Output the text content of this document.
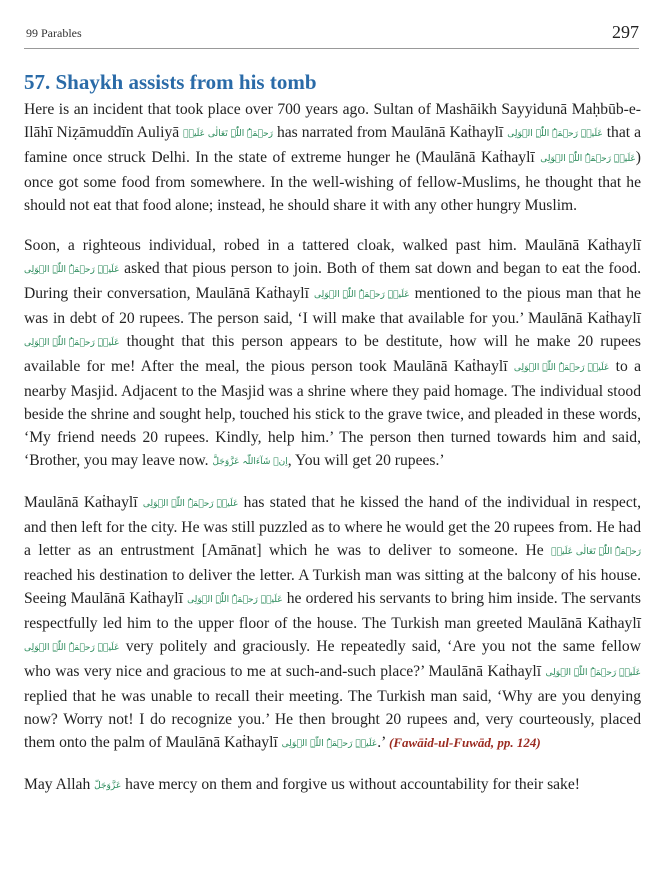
99 Parables	297
57. Shaykh assists from his tomb

Here is an incident that took place over 700 years ago. Sultan of Mashāikh Sayyidunā Maḥbūb-e-Ilāhī Niẓāmuddīn Auliyā رَحۡمَۃُ اللّٰہِ تَعَالٰی عَلَیۡہ has narrated from Maulānā Kaṫhaylī عَلَیۡہِ رَحۡمَۃُ اللّٰہِ الۡوَلِی that a famine once struck Delhi. In the state of extreme hunger he (Maulānā Kaṫhaylī عَلَیۡہِ رَحۡمَۃُ اللّٰہِ الۡوَلِی) once got some food from somewhere. In the well-wishing of fellow-Muslims, he thought that he should not eat that food alone; instead, he should share it with any other hungry Muslim.

Soon, a righteous individual, robed in a tattered cloak, walked past him. Maulānā Kaṫhaylī عَلَیۡہِ رَحۡمَۃُ اللّٰہِ الۡوَلِی asked that pious person to join. Both of them sat down and began to eat the food. During their conversation, Maulānā Kaṫhaylī عَلَیۡہِ رَحۡمَۃُ اللّٰہِ الۡوَلِی mentioned to the pious man that he was in debt of 20 rupees. The person said, ‘I will make that available for you.’ Maulānā Kaṫhaylī عَلَیۡہِ رَحۡمَۃُ اللّٰہِ الۡوَلِی thought that this person appears to be destitute, how will he make 20 rupees available for me! After the meal, the pious person took Maulānā Kaṫhaylī عَلَیۡہِ رَحۡمَۃُ اللّٰہِ الۡوَلِی to a nearby Masjid. Adjacent to the Masjid was a shrine where they paid homage. The individual stood beside the shrine and sought help, touched his stick to the grave twice, and pleaded in these words, ‘My friend needs 20 rupees. Kindly, help him.’ The person then turned towards him and said, ‘Brother, you may leave now. اِنۡ شَآءَاللّٰہ عَزَّوَجَلَّ, You will get 20 rupees.’

Maulānā Kaṫhaylī عَلَیۡہِ رَحۡمَۃُ اللّٰہِ الۡوَلِی has stated that he kissed the hand of the individual in respect, and then left for the city. He was still puzzled as to where he would get the 20 rupees from. He had a letter as an entrustment [Amānat] which he was to deliver to someone. He رَحۡمَۃُ اللّٰہِ تَعَالٰی عَلَیۡہ reached his destination to deliver the letter. A Turkish man was sitting at the balcony of his house. Seeing Maulānā Kaṫhaylī عَلَیۡہِ رَحۡمَۃُ اللّٰہِ الۡوَلِی he ordered his servants to bring him inside. The servants respectfully led him to the upper floor of the house. The Turkish man greeted Maulānā Kaṫhaylī عَلَیۡہِ رَحۡمَۃُ اللّٰہِ الۡوَلِی very politely and graciously. He repeatedly said, ‘Are you not the same fellow who was very nice and gracious to me at such-and-such place?’ Maulānā Kaṫhaylī عَلَیۡہِ رَحۡمَۃُ اللّٰہِ الۡوَلِی replied that he was unable to recall their meeting. The Turkish man said, ‘Why are you denying now? Worry not! I do recognize you.’ He then brought 20 rupees and, very courteously, placed them onto the palm of Maulānā Kaṫhaylī عَلَیۡہِ رَحۡمَۃُ اللّٰہِ الۡوَلِی.’ (Fawāid-ul-Fuwād, pp. 124)

May Allah عَزَّوَجَلّ have mercy on them and forgive us without accountability for their sake!
